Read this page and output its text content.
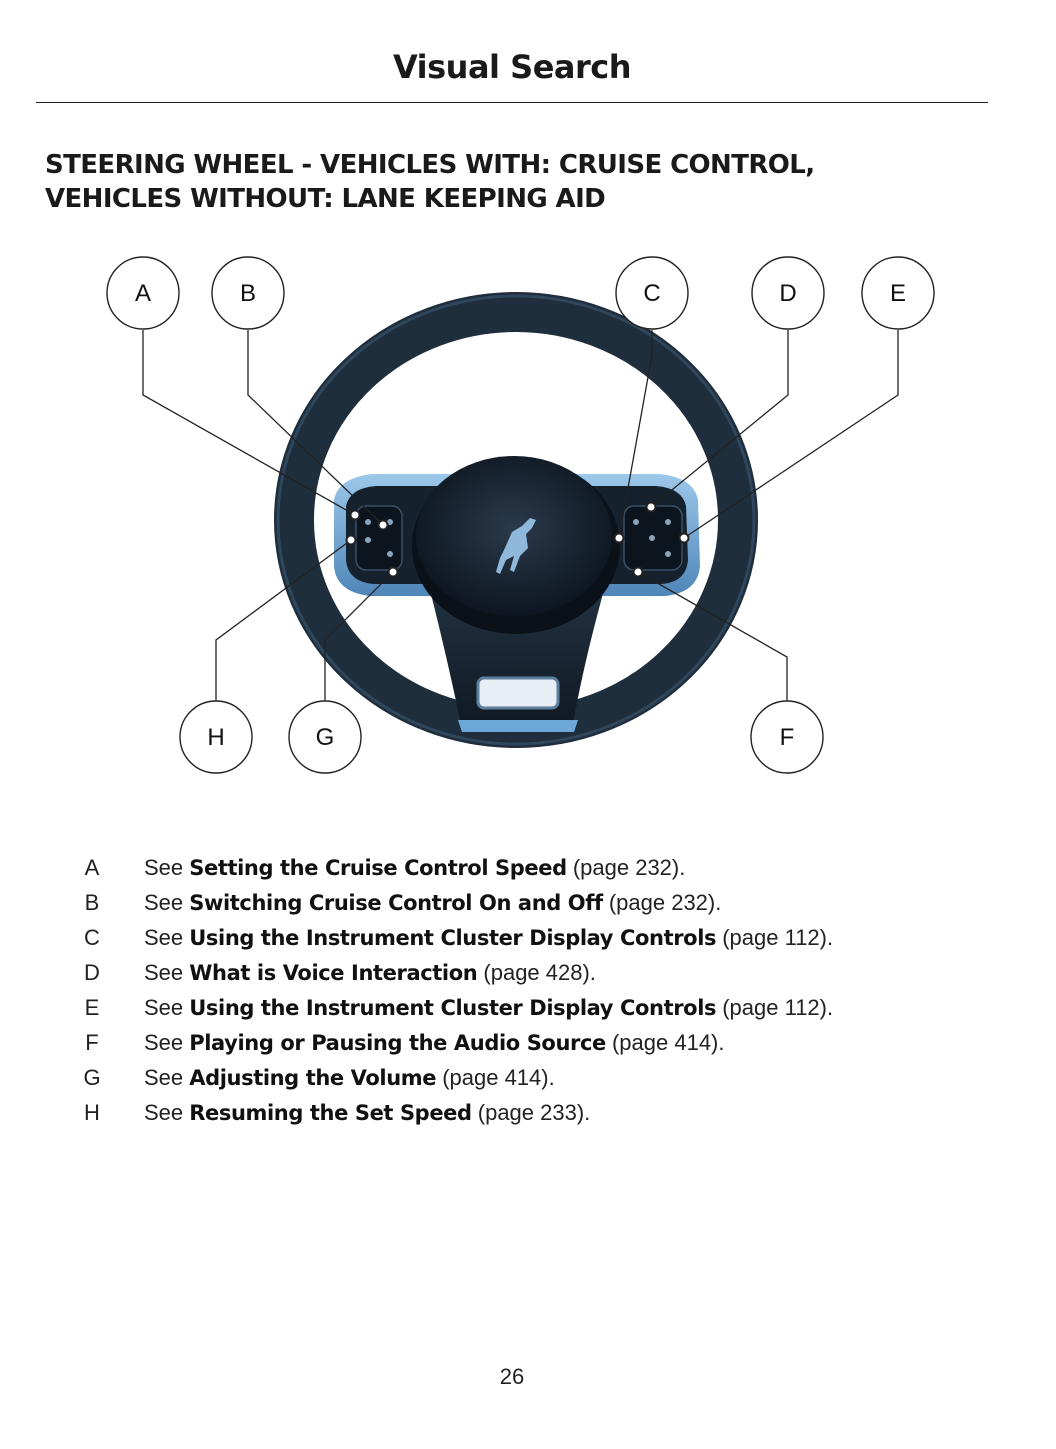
Visual Search
STEERING WHEEL - VEHICLES WITH: CRUISE CONTROL,
VEHICLES WITHOUT: LANE KEEPING AID
A	B	C	D	E
F
G
H
A See Setting the Cruise Control Speed (page 232).
B See Switching Cruise Control On and Off (page 232).
C See Using the Instrument Cluster Display Controls (page 112).
D See What is Voice Interaction (page 428).
E See Using the Instrument Cluster Display Controls (page 112).
F See Playing or Pausing the Audio Source (page 414).
G See Adjusting the Volume (page 414).
H See Resuming the Set Speed (page 233).
26
